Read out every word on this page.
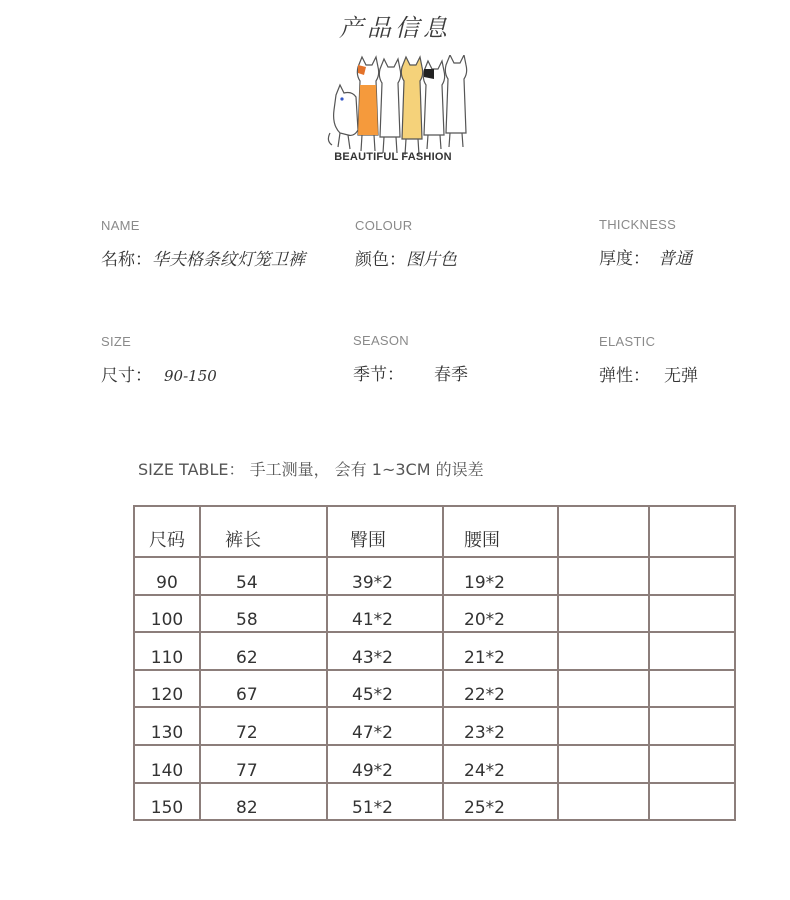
产品信息
BEAUTIFUL FASHION
NAME
名称：华夫格条纹灯笼卫裤
COLOUR
颜色：图片色
THICKNESS
厚度： 普通
SIZE
尺寸： 90-150
SEASON
季节： 春季
ELASTIC
弹性： 无弹
SIZE TABLE： 手工测量， 会有 1~3CM 的误差
尺码	裤长	臀围	腰围		
90	54	39*2	19*2		
100	58	41*2	20*2		
110	62	43*2	21*2		
120	67	45*2	22*2		
130	72	47*2	23*2		
140	77	49*2	24*2		
150	82	51*2	25*2		
